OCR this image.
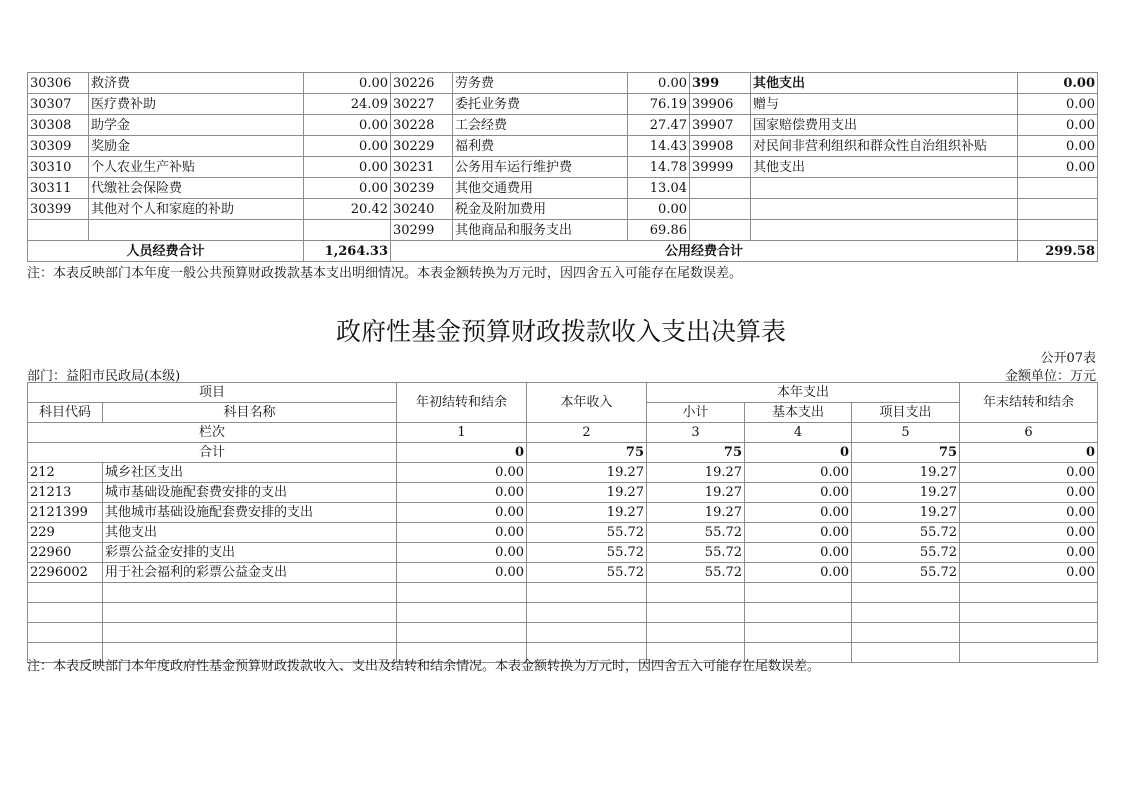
30306	救济费	0.00	30226	劳务费	0.00	399	其他支出	0.00
30307	医疗费补助	24.09	30227	委托业务费	76.19	39906	赠与	0.00
30308	助学金	0.00	30228	工会经费	27.47	39907	国家赔偿费用支出	0.00
30309	奖励金	0.00	30229	福利费	14.43	39908	对民间非营利组织和群众性自治组织补贴	0.00
30310	个人农业生产补贴	0.00	30231	公务用车运行维护费	14.78	39999	其他支出	0.00
30311	代缴社会保险费	0.00	30239	其他交通费用	13.04			
30399	其他对个人和家庭的补助	20.42	30240	税金及附加费用	0.00			
			30299	其他商品和服务支出	69.86			
人员经费合计		1,264.33	公用经费合计					299.58
注：本表反映部门本年度一般公共预算财政拨款基本支出明细情况。本表金额转换为万元时，因四舍五入可能存在尾数误差。
政府性基金预算财政拨款收入支出决算表
公开07表
部门：益阳市民政局(本级)	金额单位：万元
项目		年初结转和结余	本年收入	本年支出			年末结转和结余
科目代码	科目名称			小计	基本支出	项目支出	
栏次		1	2	3	4	5	6
合计		0	75	75	0	75	0
212	城乡社区支出	0.00	19.27	19.27	0.00	19.27	0.00
21213	城市基础设施配套费安排的支出	0.00	19.27	19.27	0.00	19.27	0.00
2121399	其他城市基础设施配套费安排的支出	0.00	19.27	19.27	0.00	19.27	0.00
229	其他支出	0.00	55.72	55.72	0.00	55.72	0.00
22960	彩票公益金安排的支出	0.00	55.72	55.72	0.00	55.72	0.00
2296002	用于社会福利的彩票公益金支出	0.00	55.72	55.72	0.00	55.72	0.00

注：本表反映部门本年度政府性基金预算财政拨款收入、支出及结转和结余情况。本表金额转换为万元时，因四舍五入可能存在尾数误差。
